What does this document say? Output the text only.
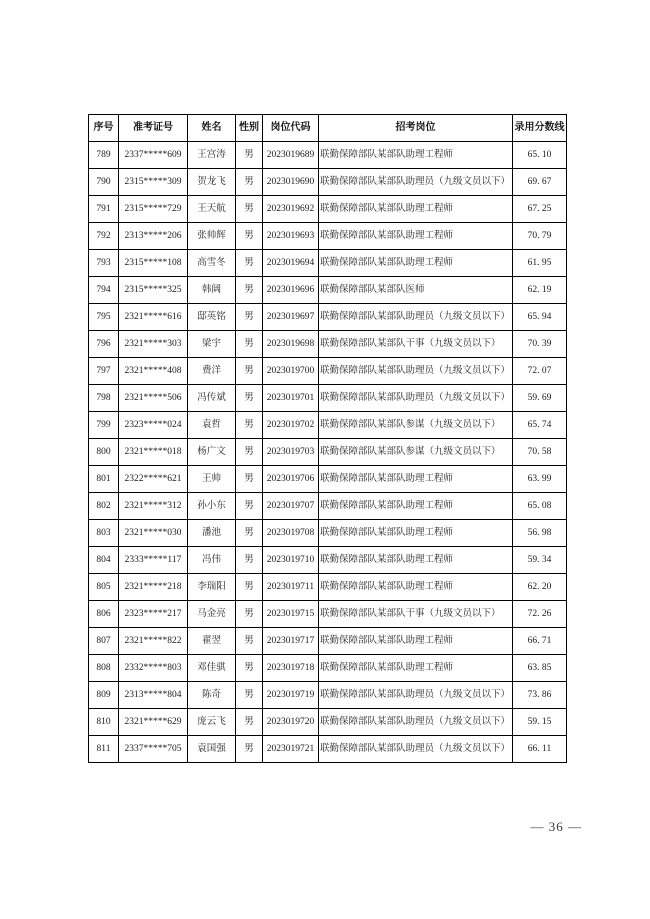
序号	准考证号	姓名	性别	岗位代码	招考岗位	录用分数线
789	2337*****609	王宫涛	男	2023019689	联勤保障部队某部队助理工程师	65. 10
790	2315*****309	贺龙飞	男	2023019690	联勤保障部队某部队助理员（九级文员以下）	69. 67
791	2315*****729	王天航	男	2023019692	联勤保障部队某部队助理工程师	67. 25
792	2313*****206	张帅辉	男	2023019693	联勤保障部队某部队助理工程师	70. 79
793	2315*****108	高雪冬	男	2023019694	联勤保障部队某部队助理工程师	61. 95
794	2315*****325	韩阔	男	2023019696	联勤保障部队某部队医师	62. 19
795	2321*****616	邸英铭	男	2023019697	联勤保障部队某部队助理员（九级文员以下）	65. 94
796	2321*****303	梁宇	男	2023019698	联勤保障部队某部队干事（九级文员以下）	70. 39
797	2321*****408	费洋	男	2023019700	联勤保障部队某部队助理员（九级文员以下）	72. 07
798	2321*****506	冯传斌	男	2023019701	联勤保障部队某部队助理员（九级文员以下）	59. 69
799	2323*****024	袁哲	男	2023019702	联勤保障部队某部队参谋（九级文员以下）	65. 74
800	2321*****018	杨广文	男	2023019703	联勤保障部队某部队参谋（九级文员以下）	70. 58
801	2322*****621	王帅	男	2023019706	联勤保障部队某部队助理工程师	63. 99
802	2321*****312	孙小东	男	2023019707	联勤保障部队某部队助理工程师	65. 08
803	2321*****030	潘池	男	2023019708	联勤保障部队某部队助理工程师	56. 98
804	2333*****117	冯伟	男	2023019710	联勤保障部队某部队助理工程师	59. 34
805	2321*****218	李瑞阳	男	2023019711	联勤保障部队某部队助理工程师	62. 20
806	2323*****217	马金亮	男	2023019715	联勤保障部队某部队干事（九级文员以下）	72. 26
807	2321*****822	翟翌	男	2023019717	联勤保障部队某部队助理工程师	66. 71
808	2332*****803	邓佳骐	男	2023019718	联勤保障部队某部队助理工程师	63. 85
809	2313*****804	陈奇	男	2023019719	联勤保障部队某部队助理员（九级文员以下）	73. 86
810	2321*****629	庞云飞	男	2023019720	联勤保障部队某部队助理员（九级文员以下）	59. 15
811	2337*****705	袁国强	男	2023019721	联勤保障部队某部队助理员（九级文员以下）	66. 11
— 36 —
